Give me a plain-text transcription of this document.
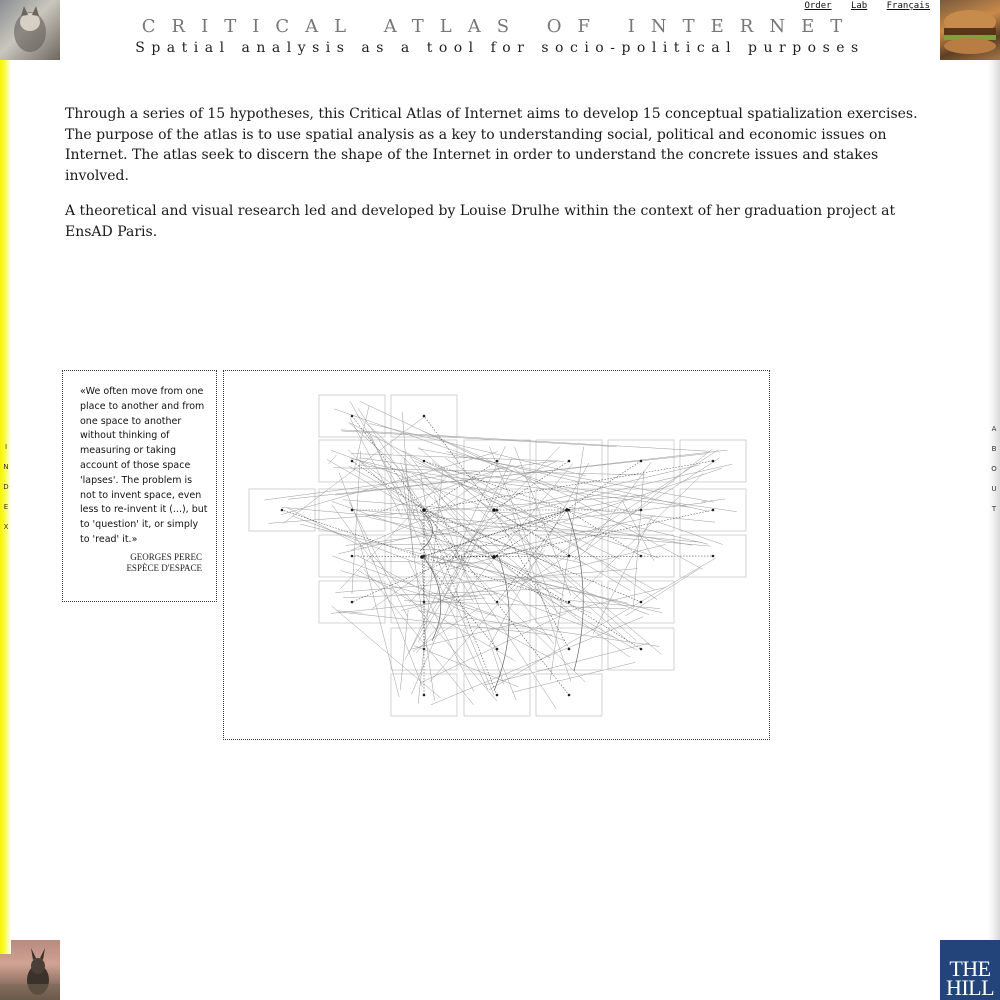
THE
HILL
I
N
D
E
X
A
B
O
U
T
CRITICAL ATLAS OF INTERNET
Spatial analysis as a tool for socio-political purposes
Order Lab Français

Through a series of 15 hypotheses, this Critical Atlas of Internet aims to develop 15 conceptual spatialization exercises. The purpose of the atlas is to use spatial analysis as a key to understanding social, political and economic issues on Internet. The atlas seek to discern the shape of the Internet in order to understand the concrete issues and stakes involved.

A theoretical and visual research led and developed by Louise Drulhe within the context of her graduation project at EnsAD Paris.

«We often move from one place to another and from one space to another without thinking of measuring or taking account of those space 'lapses'. The problem is not to invent space, even less to re-invent it (...), but to 'question' it, or simply to 'read' it.»
GEORGES PEREC
ESPÈCE D'ESPACE
